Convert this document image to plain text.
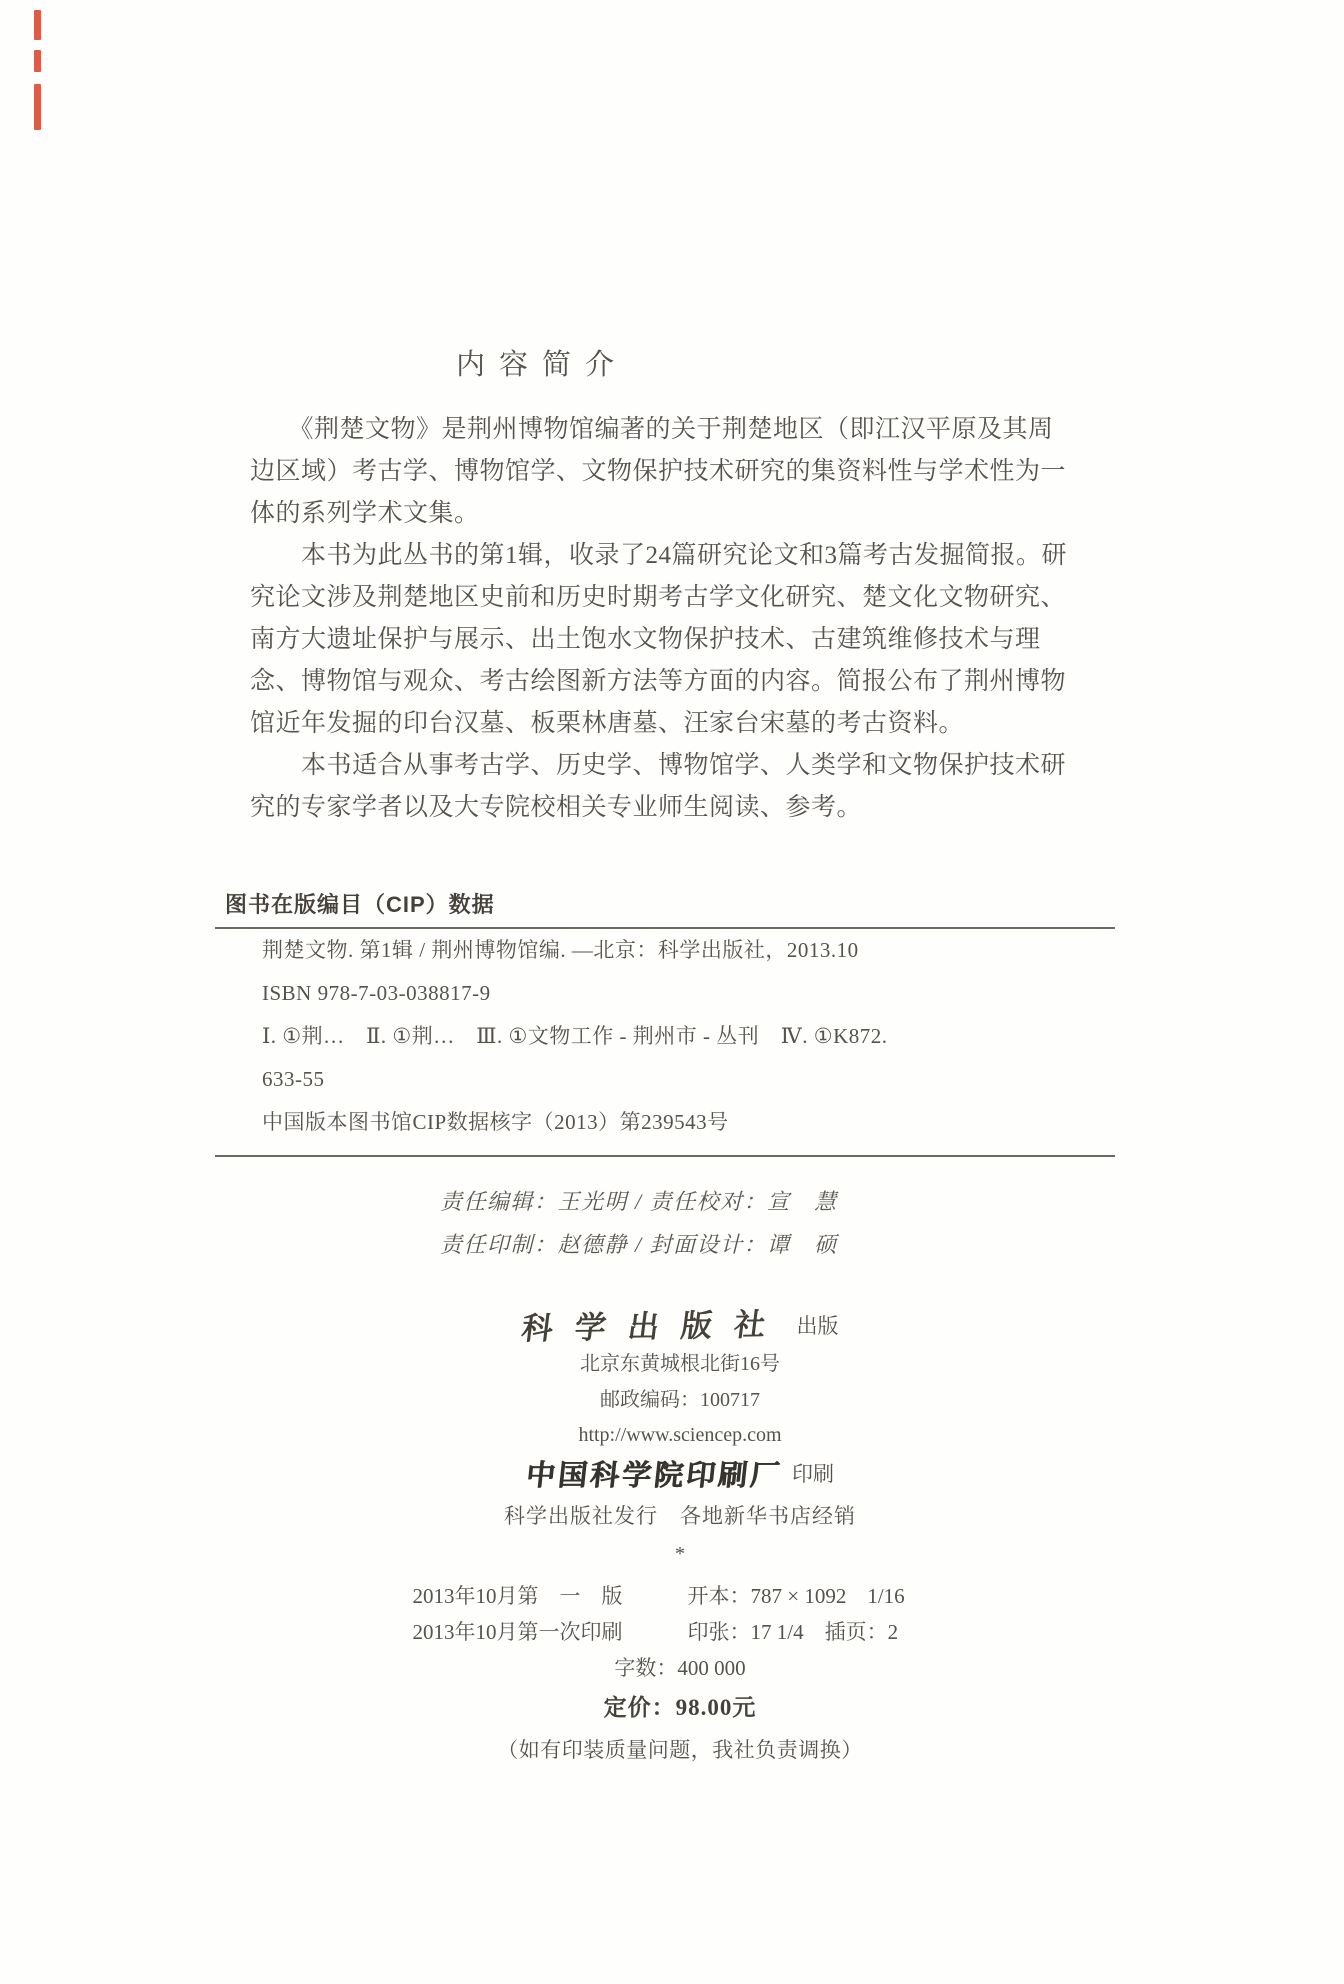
内容简介
　　《荆楚文物》是荆州博物馆编著的关于荆楚地区（即江汉平原及其周
边区域）考古学、博物馆学、文物保护技术研究的集资料性与学术性为一
体的系列学术文集。
　　本书为此丛书的第1辑，收录了24篇研究论文和3篇考古发掘简报。研
究论文涉及荆楚地区史前和历史时期考古学文化研究、楚文化文物研究、
南方大遗址保护与展示、出土饱水文物保护技术、古建筑维修技术与理
念、博物馆与观众、考古绘图新方法等方面的内容。简报公布了荆州博物
馆近年发掘的印台汉墓、板栗林唐墓、汪家台宋墓的考古资料。
　　本书适合从事考古学、历史学、博物馆学、人类学和文物保护技术研
究的专家学者以及大专院校相关专业师生阅读、参考。
图书在版编目（CIP）数据
荆楚文物. 第1辑 / 荆州博物馆编. —北京：科学出版社，2013.10
ISBN 978-7-03-038817-9
Ⅰ. ①荆…　Ⅱ. ①荆…　Ⅲ. ①文物工作 - 荆州市 - 丛刊　Ⅳ. ①K872.
633-55
中国版本图书馆CIP数据核字（2013）第239543号
责任编辑：王光明 / 责任校对：宣　慧
责任印制：赵德静 / 封面设计：谭　硕
科学出版社 出版
北京东黄城根北街16号
邮政编码：100717
http://www.sciencep.com
中国科学院印刷厂 印刷
科学出版社发行　各地新华书店经销
*
2013年10月第　一　版	开本：787 × 1092　1/16
2013年10月第一次印刷	印张：17 1/4　插页：2
字数：400 000
定价：98.00元
（如有印装质量问题，我社负责调换）
